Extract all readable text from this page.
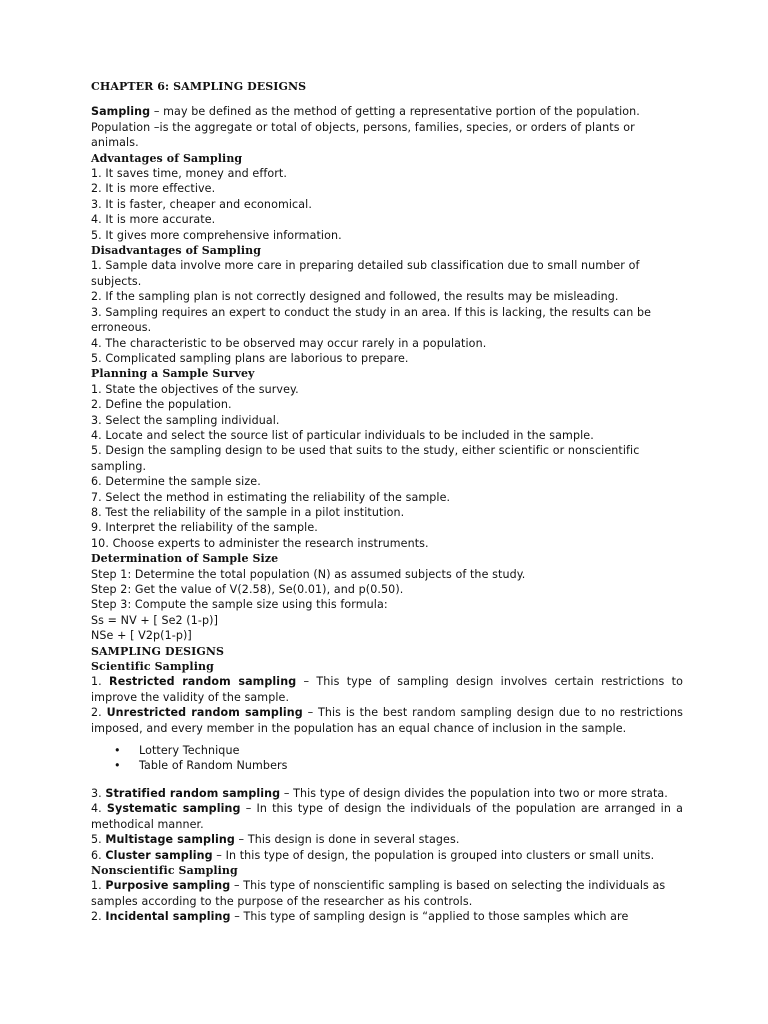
CHAPTER 6: SAMPLING DESIGNS

Sampling – may be defined as the method of getting a representative portion of the population.

Population –is the aggregate or total of objects, persons, families, species, or orders of plants or animals.

Advantages of Sampling

1. It saves time, money and effort.

2. It is more effective.

3. It is faster, cheaper and economical.

4. It is more accurate.

5. It gives more comprehensive information.

Disadvantages of Sampling

1. Sample data involve more care in preparing detailed sub classification due to small number of subjects.

2. If the sampling plan is not correctly designed and followed, the results may be misleading.

3. Sampling requires an expert to conduct the study in an area. If this is lacking, the results can be erroneous.

4. The characteristic to be observed may occur rarely in a population.

5. Complicated sampling plans are laborious to prepare.

Planning a Sample Survey

1. State the objectives of the survey.

2. Define the population.

3. Select the sampling individual.

4. Locate and select the source list of particular individuals to be included in the sample.

5. Design the sampling design to be used that suits to the study, either scientific or nonscientific sampling.

6. Determine the sample size.

7. Select the method in estimating the reliability of the sample.

8. Test the reliability of the sample in a pilot institution.

9. Interpret the reliability of the sample.

10. Choose experts to administer the research instruments.

Determination of Sample Size

Step 1: Determine the total population (N) as assumed subjects of the study.

Step 2: Get the value of V(2.58), Se(0.01), and p(0.50).

Step 3: Compute the sample size using this formula:

Ss = NV + [ Se2 (1-p)]

NSe + [ V2p(1-p)]

SAMPLING DESIGNS

Scientific Sampling

1. Restricted random sampling – This type of sampling design involves certain restrictions to improve the validity of the sample.

2. Unrestricted random sampling – This is the best random sampling design due to no restrictions imposed, and every member in the population has an equal chance of inclusion in the sample.

• Lottery Technique
• Table of Random Numbers

3. Stratified random sampling – This type of design divides the population into two or more strata.

4. Systematic sampling – In this type of design the individuals of the population are arranged in a methodical manner.

5. Multistage sampling – This design is done in several stages.

6. Cluster sampling – In this type of design, the population is grouped into clusters or small units.

Nonscientific Sampling

1. Purposive sampling – This type of nonscientific sampling is based on selecting the individuals as samples according to the purpose of the researcher as his controls.

2. Incidental sampling – This type of sampling design is “applied to those samples which are
